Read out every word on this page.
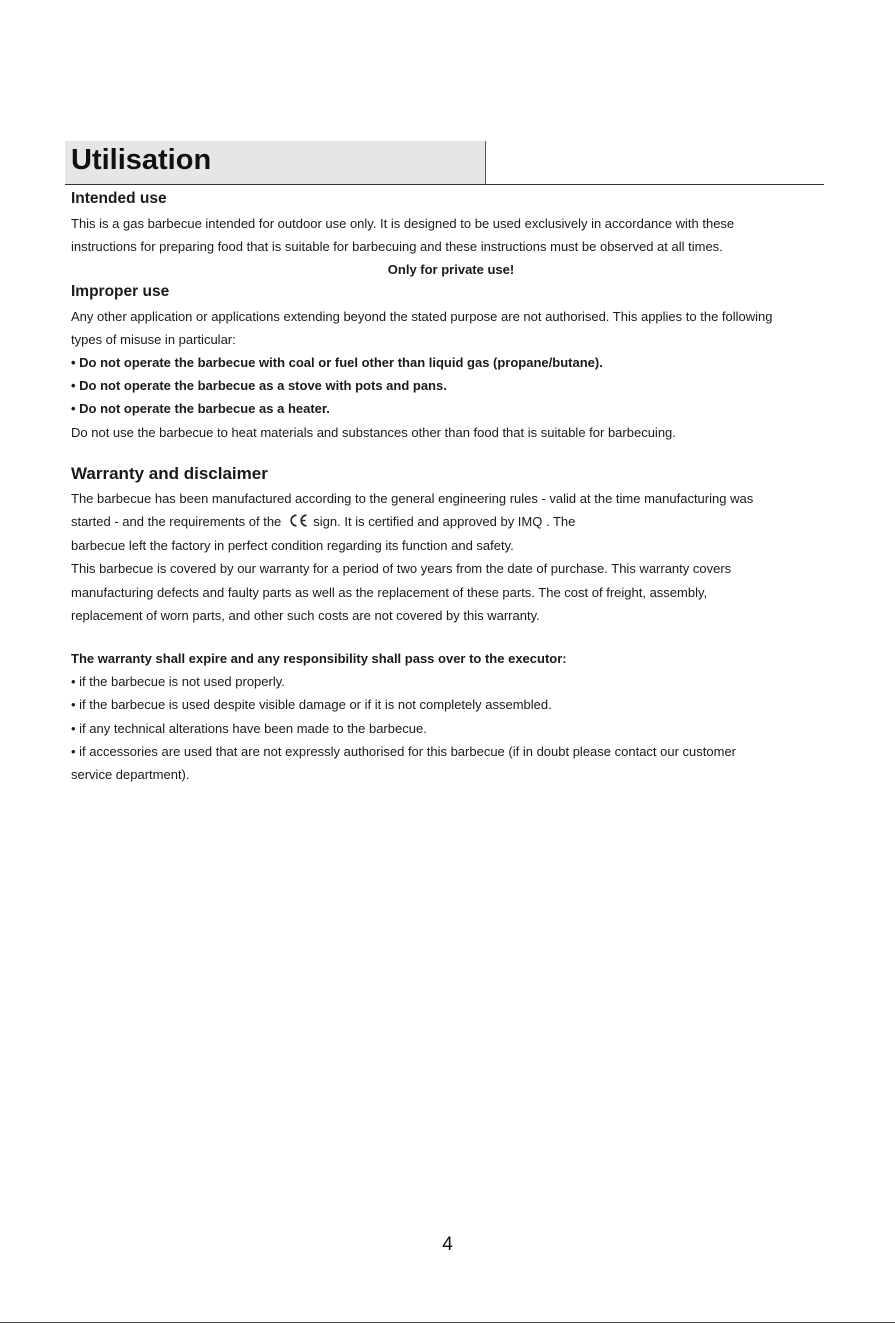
Utilisation

Intended use

This is a gas barbecue intended for outdoor use only. It is designed to be used exclusively in accordance with these

instructions for preparing food that is suitable for barbecuing and these instructions must be observed at all times.

Only for private use!

Improper use

Any other application or applications extending beyond the stated purpose are not authorised. This applies to the following

types of misuse in particular:

• Do not operate the barbecue with coal or fuel other than liquid gas (propane/butane).

• Do not operate the barbecue as a stove with pots and pans.

• Do not operate the barbecue as a heater.

Do not use the barbecue to heat materials and substances other than food that is suitable for barbecuing.

Warranty and disclaimer

The barbecue has been manufactured according to the general engineering rules - valid at the time manufacturing was

started - and the requirements of the sign. It is certified and approved by IMQ . The

barbecue left the factory in perfect condition regarding its function and safety.

This barbecue is covered by our warranty for a period of two years from the date of purchase. This warranty covers

manufacturing defects and faulty parts as well as the replacement of these parts. The cost of freight, assembly,

replacement of worn parts, and other such costs are not covered by this warranty.

The warranty shall expire and any responsibility shall pass over to the executor:

• if the barbecue is not used properly.

• if the barbecue is used despite visible damage or if it is not completely assembled.

• if any technical alterations have been made to the barbecue.

• if accessories are used that are not expressly authorised for this barbecue (if in doubt please contact our customer

service department).

4
